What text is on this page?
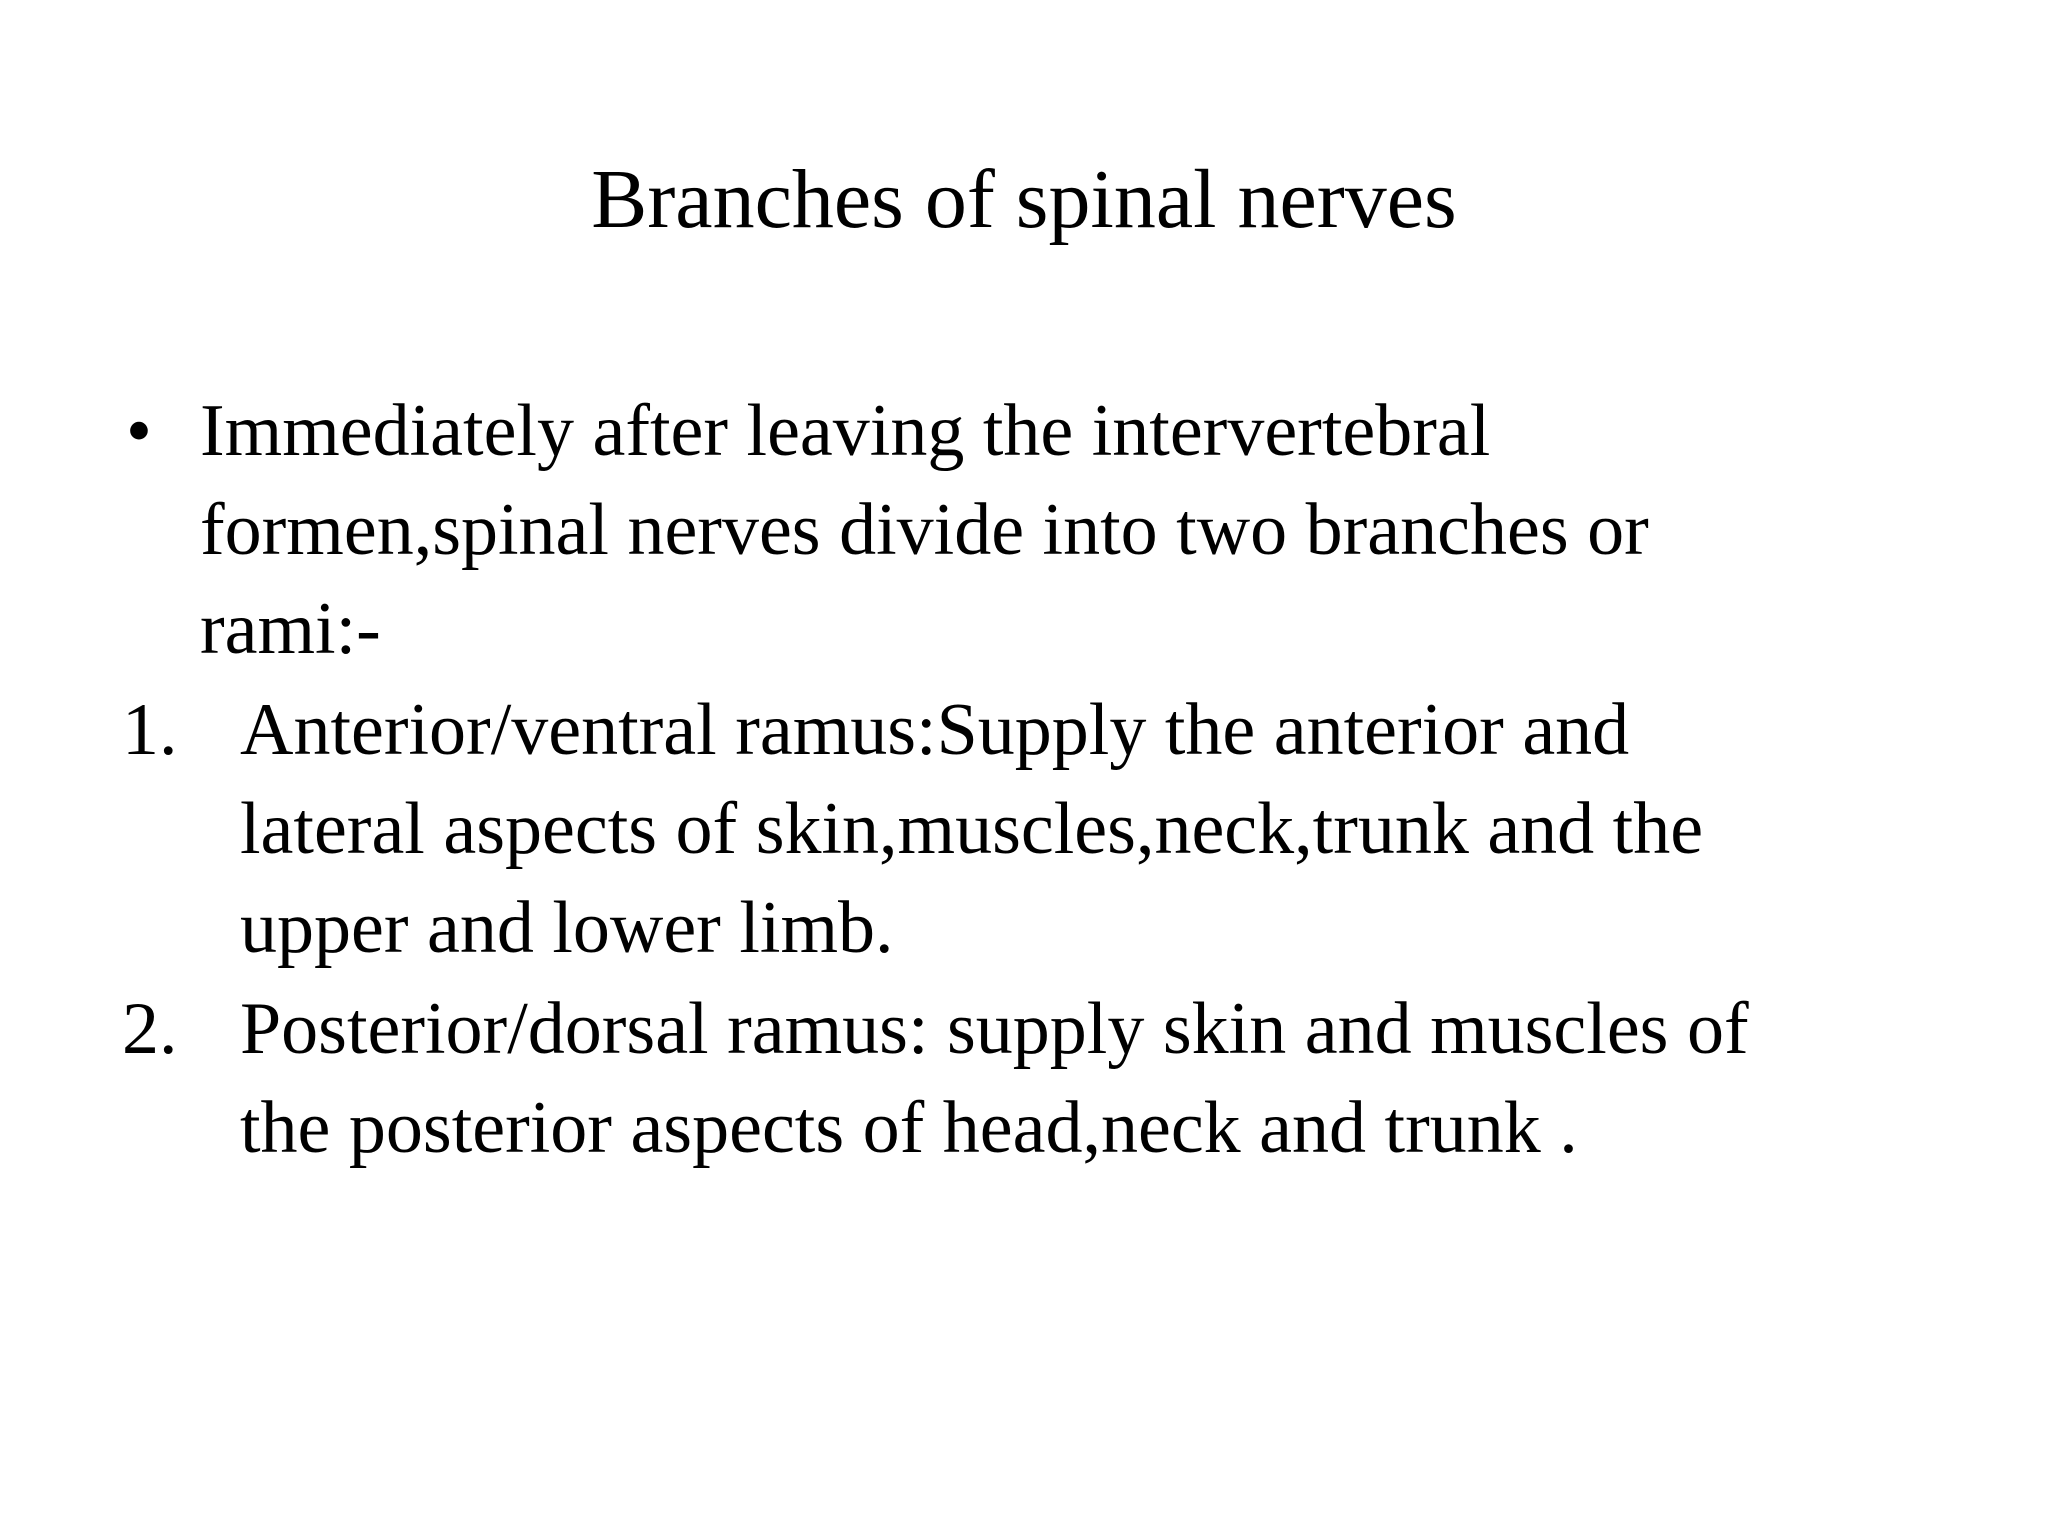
Branches of spinal nerves
• Immediately after leaving the intervertebral
formen,spinal nerves divide into two branches or
rami:-
1. Anterior/ventral ramus:Supply the anterior and
lateral aspects of skin,muscles,neck,trunk and the
upper and lower limb.
2. Posterior/dorsal ramus: supply skin and muscles of
the posterior aspects of head,neck and trunk .
